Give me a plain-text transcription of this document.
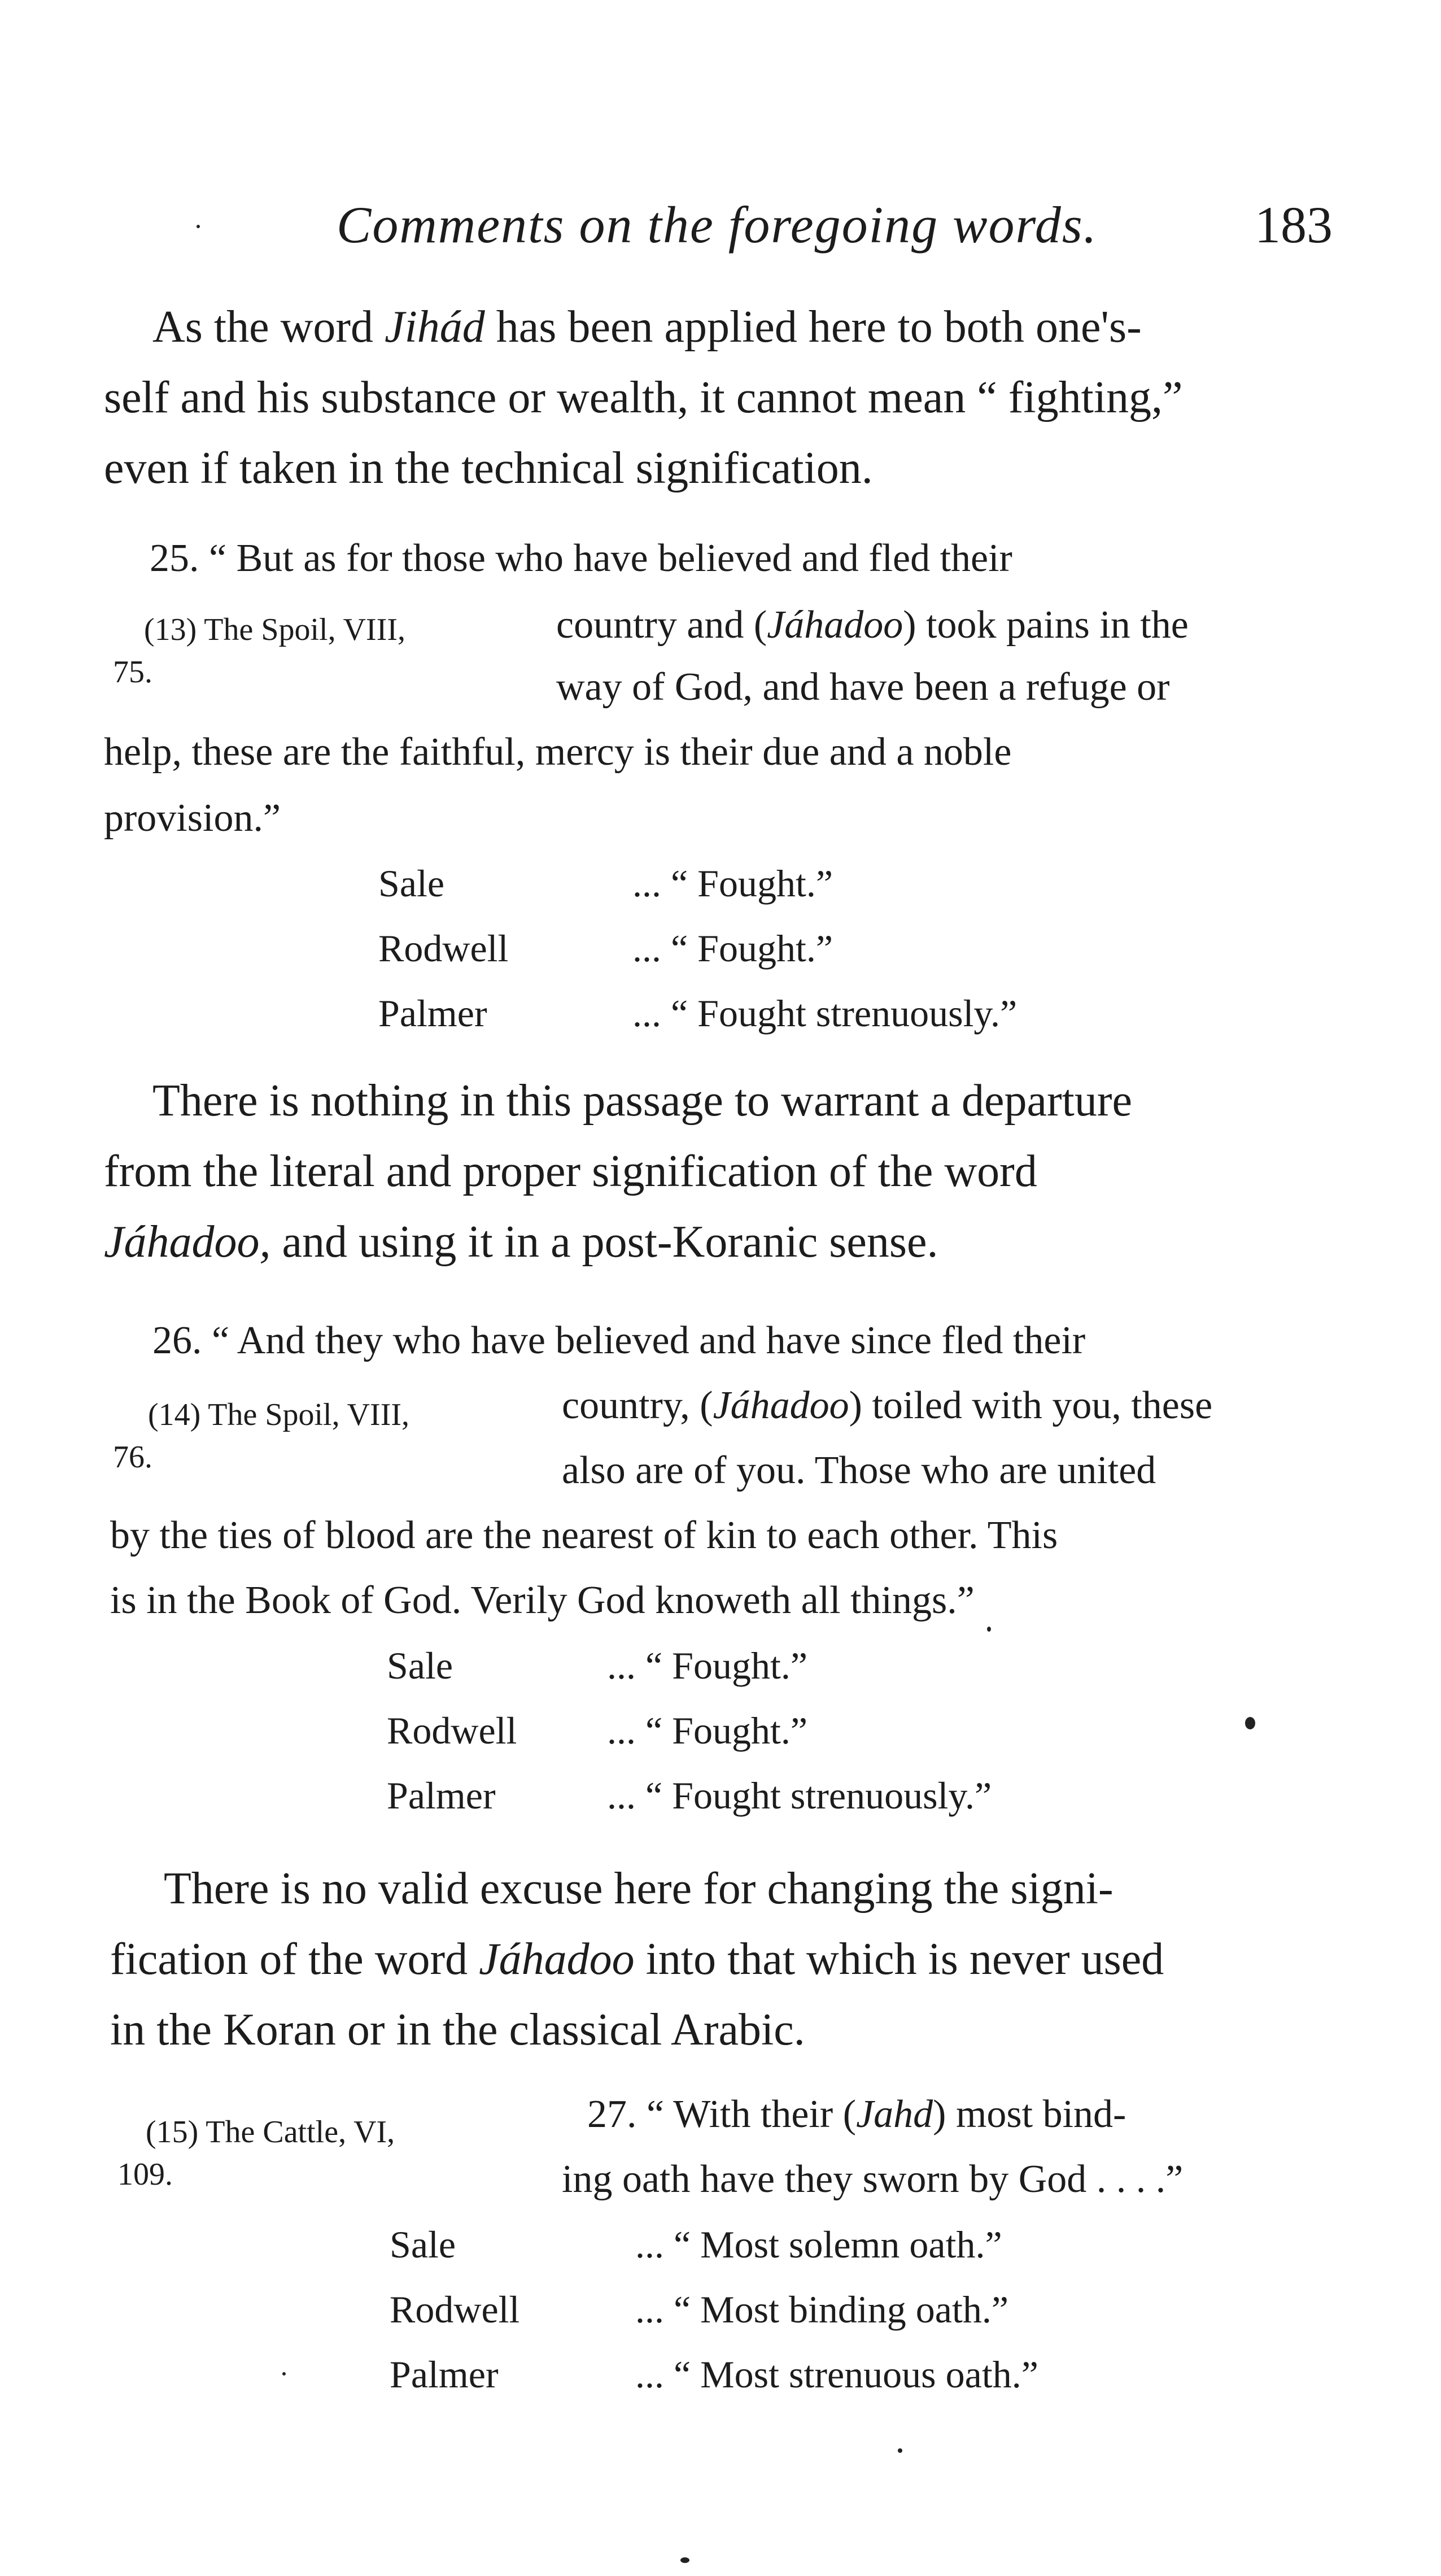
Comments on the foregoing words.	183
As the word Jihád has been applied here to both one's-
self and his substance or wealth, it cannot mean “ fighting,”
even if taken in the technical signification.
25. “ But as for those who have believed and fled their
(13) The Spoil, VIII,
75.
country and (Jáhadoo) took pains in the
way of God, and have been a refuge or
help, these are the faithful, mercy is their due and a noble
provision.”
Sale	... “ Fought.”
Rodwell	... “ Fought.”
Palmer	... “ Fought strenuously.”
There is nothing in this passage to warrant a departure
from the literal and proper signification of the word
Jáhadoo, and using it in a post-Koranic sense.
26. “ And they who have believed and have since fled their
(14) The Spoil, VIII,
76.
country, (Jáhadoo) toiled with you, these
also are of you. Those who are united
by the ties of blood are the nearest of kin to each other. This
is in the Book of God. Verily God knoweth all things.”
Sale	... “ Fought.”
Rodwell ... “ Fought.”
Palmer	... “ Fought strenuously.”
There is no valid excuse here for changing the signi-
fication of the word Jáhadoo into that which is never used
in the Koran or in the classical Arabic.
(15) The Cattle, VI,
109.
27. “ With their (Jahd) most bind-
ing oath have they sworn by God . . . .”
Sale	... “ Most solemn oath.”
Rodwell	... “ Most binding oath.”
Palmer	... “ Most strenuous oath.”
